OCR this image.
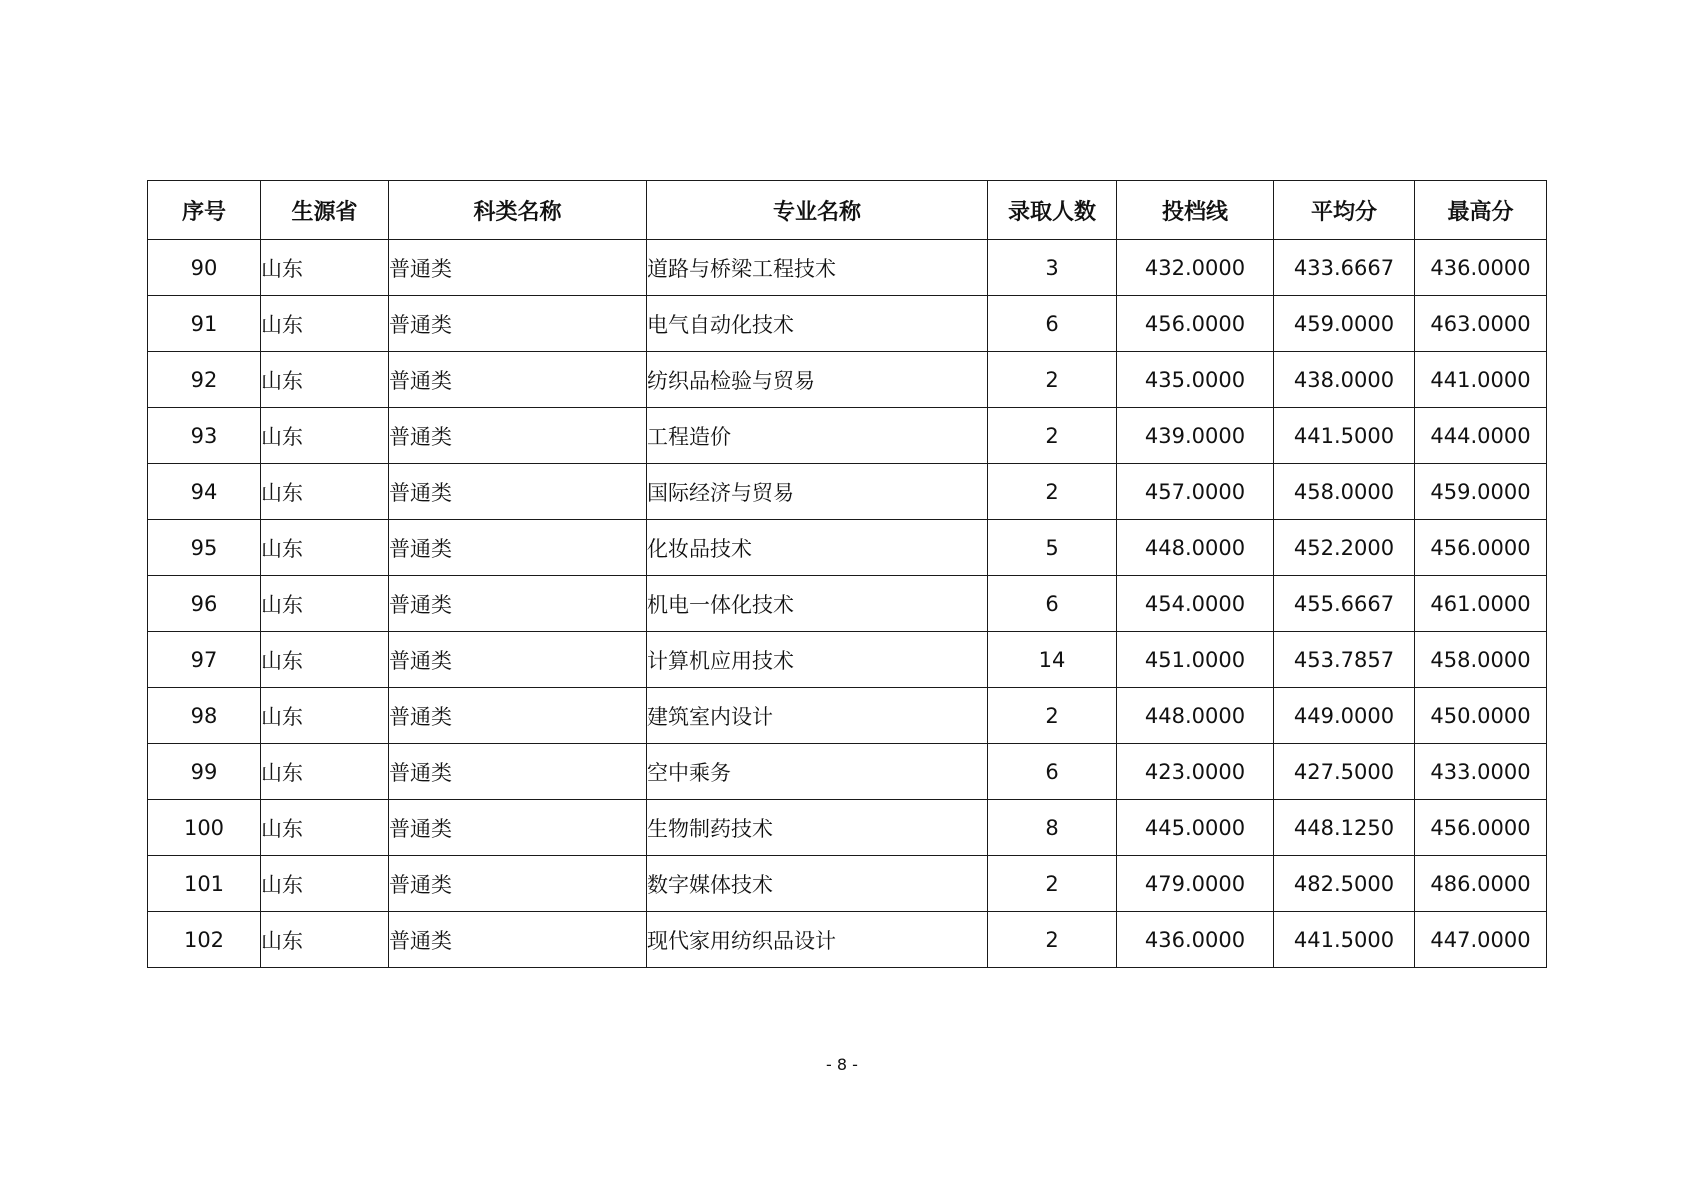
序号	生源省	科类名称	专业名称	录取人数	投档线	平均分	最高分
90	山东	普通类	道路与桥梁工程技术	3	432.0000	433.6667	436.0000
91	山东	普通类	电气自动化技术	6	456.0000	459.0000	463.0000
92	山东	普通类	纺织品检验与贸易	2	435.0000	438.0000	441.0000
93	山东	普通类	工程造价	2	439.0000	441.5000	444.0000
94	山东	普通类	国际经济与贸易	2	457.0000	458.0000	459.0000
95	山东	普通类	化妆品技术	5	448.0000	452.2000	456.0000
96	山东	普通类	机电一体化技术	6	454.0000	455.6667	461.0000
97	山东	普通类	计算机应用技术	14	451.0000	453.7857	458.0000
98	山东	普通类	建筑室内设计	2	448.0000	449.0000	450.0000
99	山东	普通类	空中乘务	6	423.0000	427.5000	433.0000
100	山东	普通类	生物制药技术	8	445.0000	448.1250	456.0000
101	山东	普通类	数字媒体技术	2	479.0000	482.5000	486.0000
102	山东	普通类	现代家用纺织品设计	2	436.0000	441.5000	447.0000
- 8 -
